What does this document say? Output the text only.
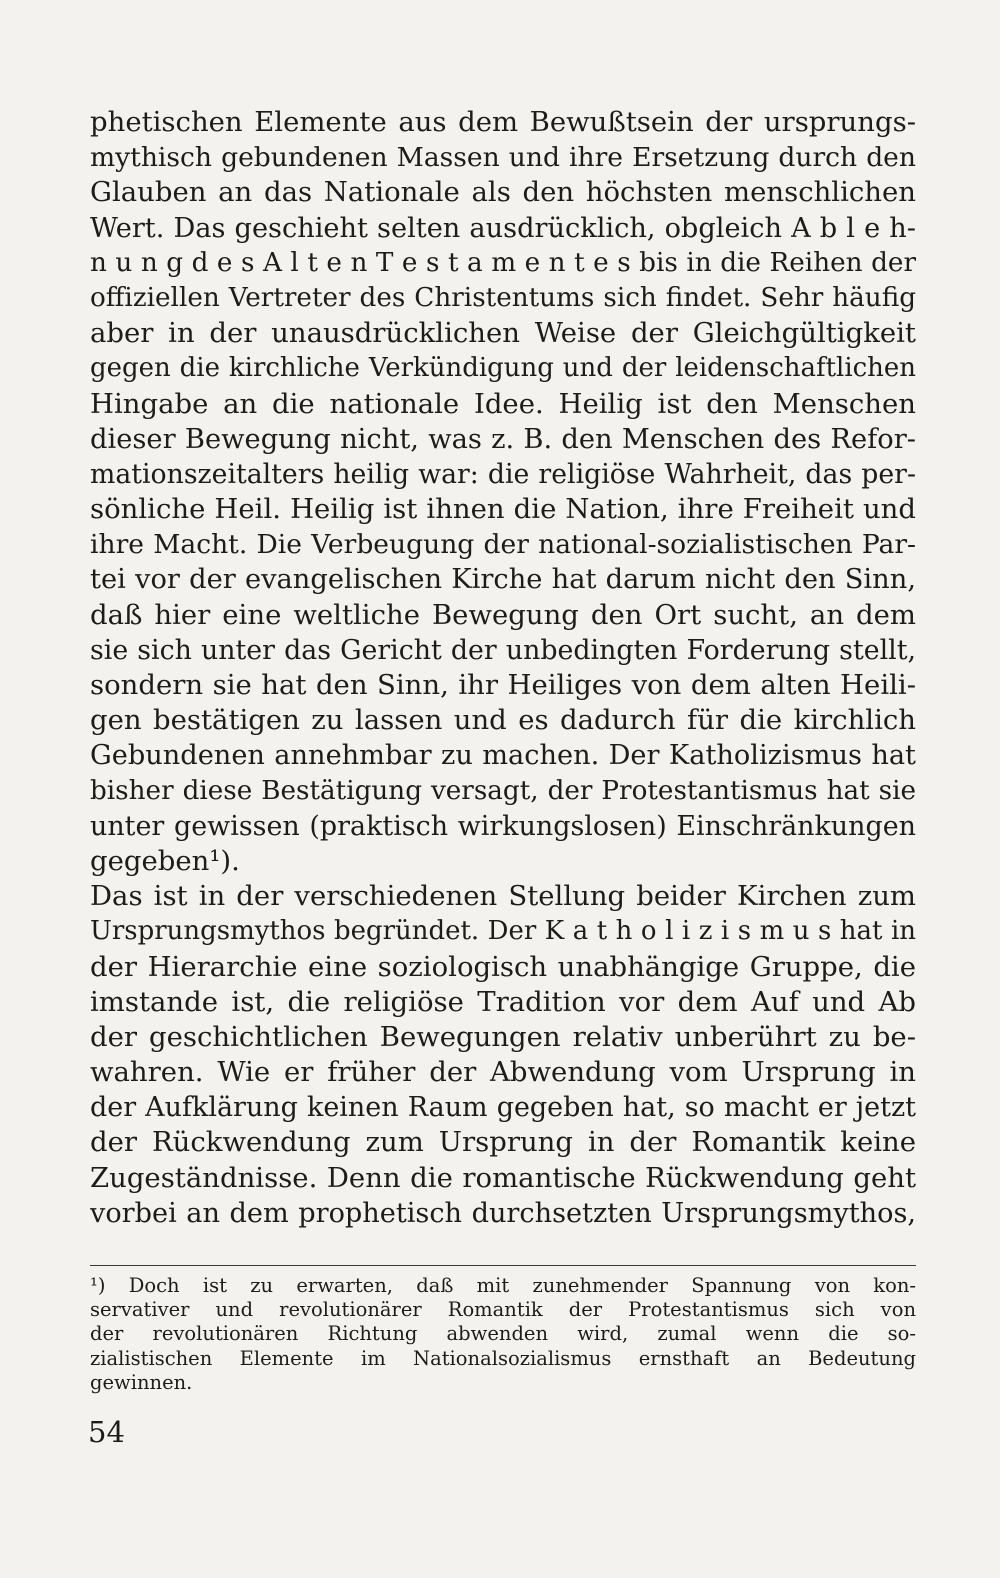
phetischen Elemente aus dem Bewußtsein der ursprungs-
mythisch gebundenen Massen und ihre Ersetzung durch den
Glauben an das Nationale als den höchsten menschlichen
Wert. Das geschieht selten ausdrücklich, obgleich A b l e h-
n u n g d e s A l t e n T e s t a m e n t e s bis in die Reihen der
offiziellen Vertreter des Christentums sich findet. Sehr häufig
aber in der unausdrücklichen Weise der Gleichgültigkeit
gegen die kirchliche Verkündigung und der leidenschaftlichen
Hingabe an die nationale Idee. Heilig ist den Menschen
dieser Bewegung nicht, was z. B. den Menschen des Refor-
mationszeitalters heilig war: die religiöse Wahrheit, das per-
sönliche Heil. Heilig ist ihnen die Nation, ihre Freiheit und
ihre Macht. Die Verbeugung der national-sozialistischen Par-
tei vor der evangelischen Kirche hat darum nicht den Sinn,
daß hier eine weltliche Bewegung den Ort sucht, an dem
sie sich unter das Gericht der unbedingten Forderung stellt,
sondern sie hat den Sinn, ihr Heiliges von dem alten Heili-
gen bestätigen zu lassen und es dadurch für die kirchlich
Gebundenen annehmbar zu machen. Der Katholizismus hat
bisher diese Bestätigung versagt, der Protestantismus hat sie
unter gewissen (praktisch wirkungslosen) Einschränkungen
gegeben¹).
Das ist in der verschiedenen Stellung beider Kirchen zum
Ursprungsmythos begründet. Der K a t h o l i z i s m u s hat in
der Hierarchie eine soziologisch unabhängige Gruppe, die
imstande ist, die religiöse Tradition vor dem Auf und Ab
der geschichtlichen Bewegungen relativ unberührt zu be-
wahren. Wie er früher der Abwendung vom Ursprung in
der Aufklärung keinen Raum gegeben hat, so macht er jetzt
der Rückwendung zum Ursprung in der Romantik keine
Zugeständnisse. Denn die romantische Rückwendung geht
vorbei an dem prophetisch durchsetzten Ursprungsmythos,
¹) Doch ist zu erwarten, daß mit zunehmender Spannung von kon-
servativer und revolutionärer Romantik der Protestantismus sich von
der revolutionären Richtung abwenden wird, zumal wenn die so-
zialistischen Elemente im Nationalsozialismus ernsthaft an Bedeutung
gewinnen.
54
